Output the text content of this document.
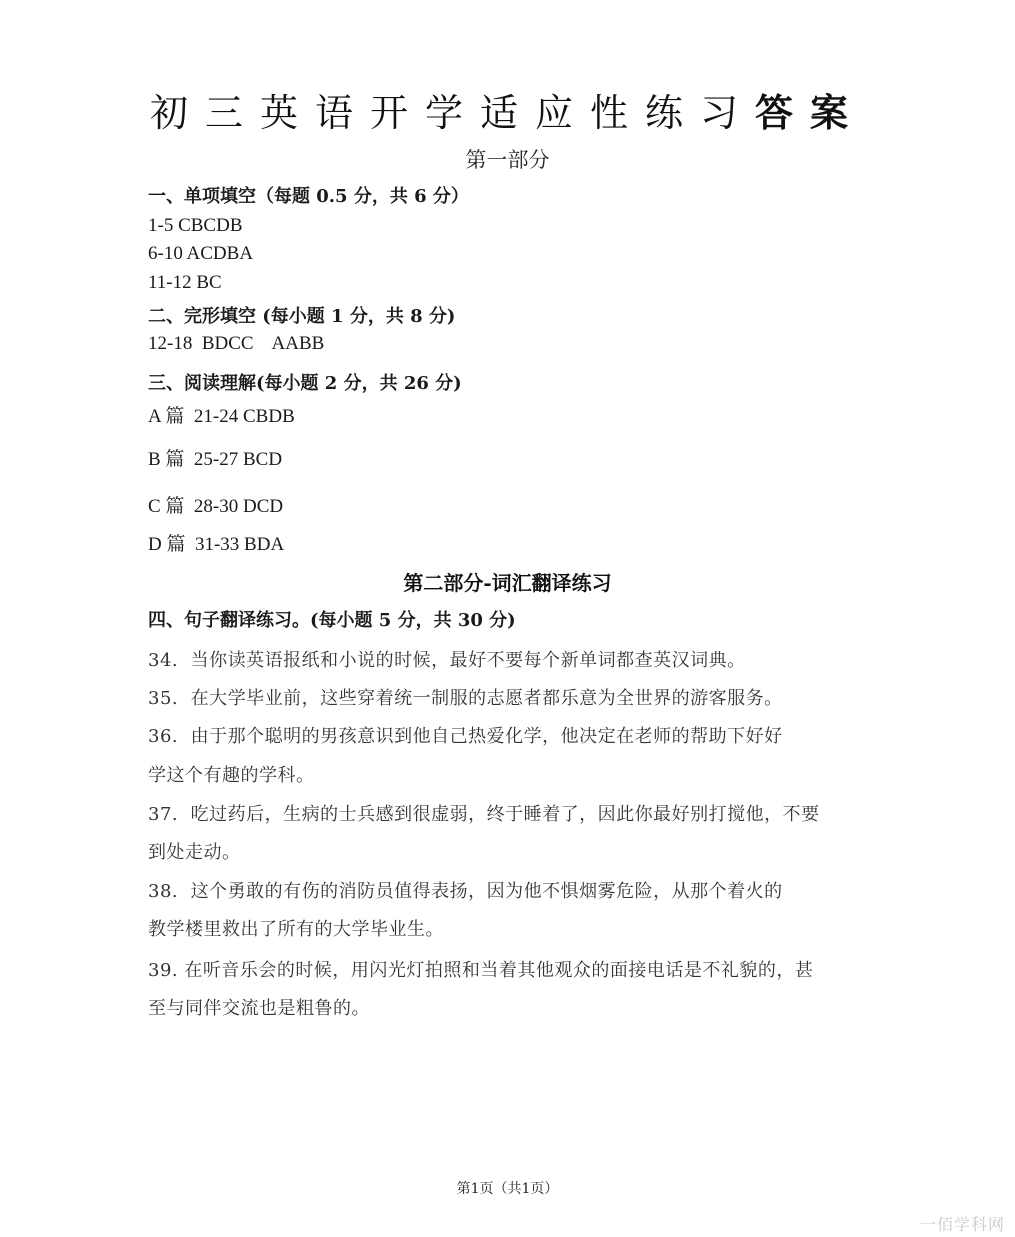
初三英语开学适应性练习答案
第一部分
一、单项填空（每题 0.5 分，共 6 分）
1-5 CBCDB
6-10 ACDBA
11-12 BC
二、完形填空 (每小题 1 分，共 8 分)
12-18  BDCC    AABB
三、阅读理解(每小题 2 分，共 26 分)
A 篇  21-24 CBDB
B 篇  25-27 BCD
C 篇  28-30 DCD
D 篇  31-33 BDA
第二部分-词汇翻译练习
四、句子翻译练习。(每小题 5 分，共 30 分)
34.  当你读英语报纸和小说的时候，最好不要每个新单词都查英汉词典。
35.  在大学毕业前，这些穿着统一制服的志愿者都乐意为全世界的游客服务。
36.  由于那个聪明的男孩意识到他自己热爱化学，他决定在老师的帮助下好好
学这个有趣的学科。
37.  吃过药后，生病的士兵感到很虚弱，终于睡着了，因此你最好别打搅他，不要
到处走动。
38.  这个勇敢的有伤的消防员值得表扬，因为他不惧烟雾危险，从那个着火的
教学楼里救出了所有的大学毕业生。
39. 在听音乐会的时候，用闪光灯拍照和当着其他观众的面接电话是不礼貌的，甚
至与同伴交流也是粗鲁的。
第1页（共1页）
一佰学科网
